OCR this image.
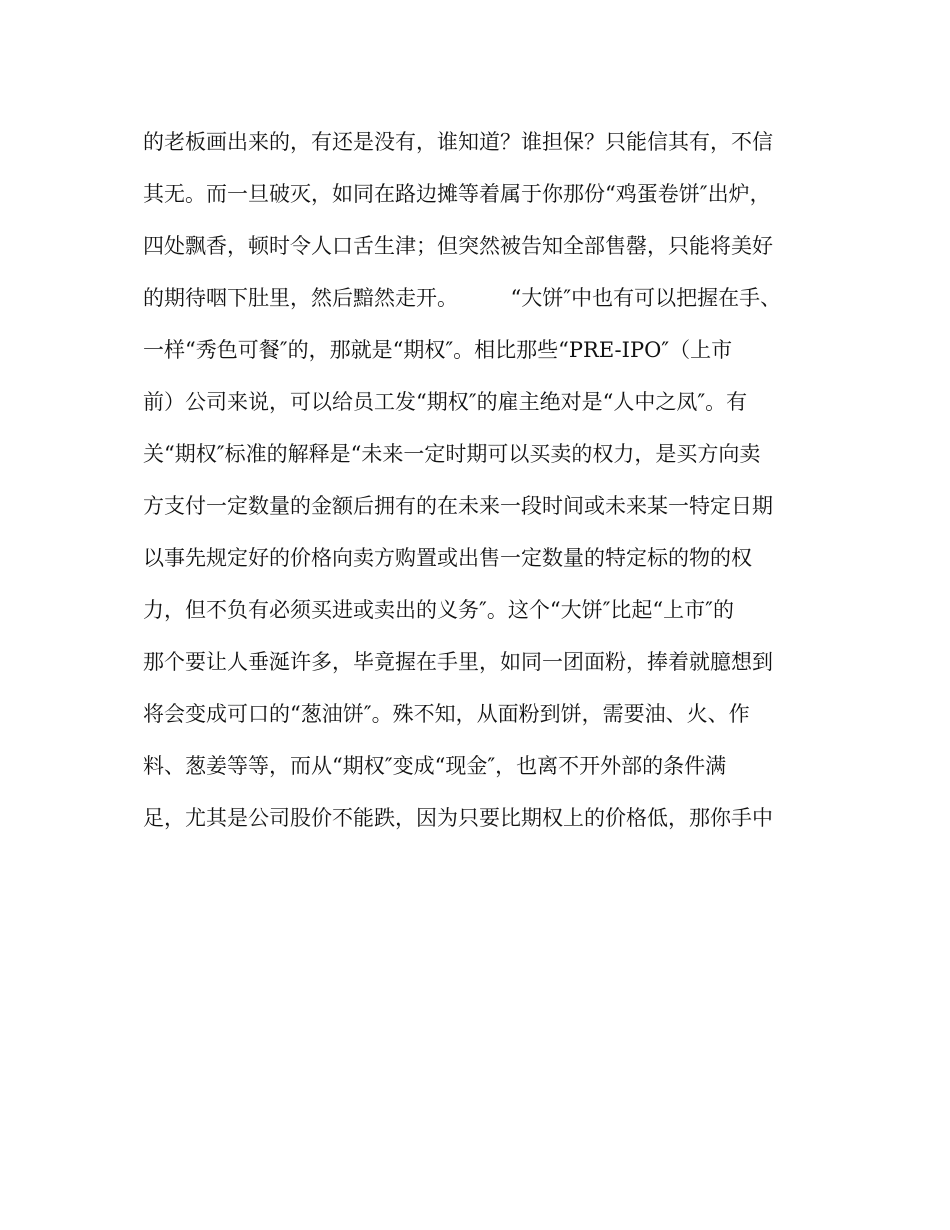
的老板画出来的，有还是没有，谁知道？谁担保？只能信其有，不信
其无。而一旦破灭，如同在路边摊等着属于你那份“鸡蛋卷饼″出炉，
四处飘香，顿时令人口舌生津；但突然被告知全部售罄，只能将美好
的期待咽下肚里，然后黯然走开。　　　“大饼″中也有可以把握在手、
一样“秀色可餐″的，那就是“期权″。相比那些“PRE-IPO″（上市
前）公司来说，可以给员工发“期权″的雇主绝对是“人中之凤″。有
关“期权″标准的解释是“未来一定时期可以买卖的权力，是买方向卖
方支付一定数量的金额后拥有的在未来一段时间或未来某一特定日期
以事先规定好的价格向卖方购置或出售一定数量的特定标的物的权
力，但不负有必须买进或卖出的义务″。这个“大饼″比起“上市″的
那个要让人垂涎许多，毕竟握在手里，如同一团面粉，捧着就臆想到
将会变成可口的“葱油饼″。殊不知，从面粉到饼，需要油、火、作
料、葱姜等等，而从“期权″变成“现金″，也离不开外部的条件满
足，尤其是公司股价不能跌，因为只要比期权上的价格低，那你手中
